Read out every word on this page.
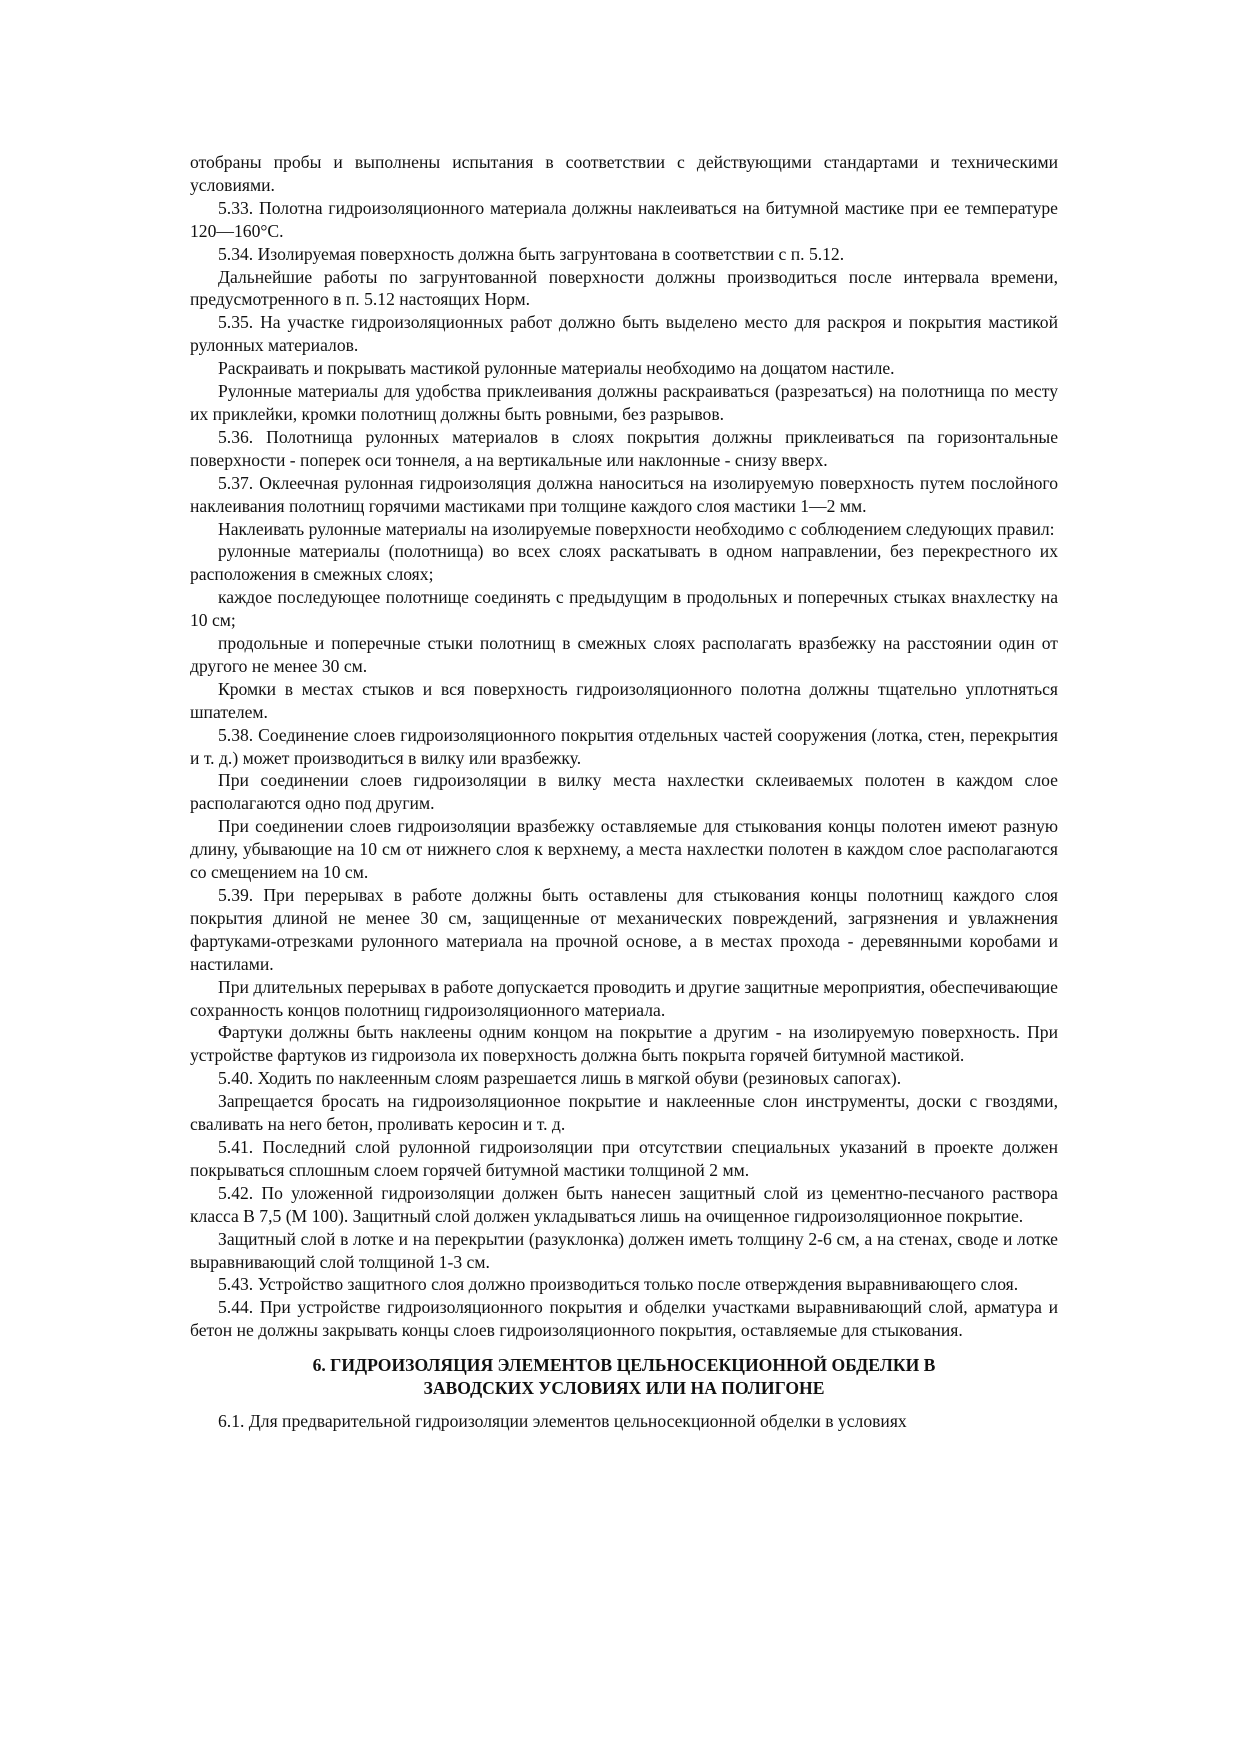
отобраны пробы и выполнены испытания в соответствии с действующими стандартами и техническими условиями.

5.33. Полотна гидроизоляционного материала должны наклеиваться на битумной мастике при ее температуре 120—160°С.

5.34. Изолируемая поверхность должна быть загрунтована в соответствии с п. 5.12.

Дальнейшие работы по загрунтованной поверхности должны производиться после интервала времени, предусмотренного в п. 5.12 настоящих Норм.

5.35. На участке гидроизоляционных работ должно быть выделено место для раскроя и покрытия мастикой рулонных материалов.

Раскраивать и покрывать мастикой рулонные материалы необходимо на дощатом настиле.

Рулонные материалы для удобства приклеивания должны раскраиваться (разрезаться) на полотнища по месту их приклейки, кромки полотнищ должны быть ровными, без разрывов.

5.36. Полотнища рулонных материалов в слоях покрытия должны приклеиваться па горизонтальные поверхности - поперек оси тоннеля, а на вертикальные или наклонные - снизу вверх.

5.37. Оклеечная рулонная гидроизоляция должна наноситься на изолируемую поверхность путем послойного наклеивания полотнищ горячими мастиками при толщине каждого слоя мастики 1—2 мм.

Наклеивать рулонные материалы на изолируемые поверхности необходимо с соблюдением следующих правил:

рулонные материалы (полотнища) во всех слоях раскатывать в одном направлении, без перекрестного их расположения в смежных слоях;

каждое последующее полотнище соединять с предыдущим в продольных и поперечных стыках внахлестку на 10 см;

продольные и поперечные стыки полотнищ в смежных слоях располагать вразбежку на расстоянии один от другого не менее 30 см.

Кромки в местах стыков и вся поверхность гидроизоляционного полотна должны тщательно уплотняться шпателем.

5.38. Соединение слоев гидроизоляционного покрытия отдельных частей сооружения (лотка, стен, перекрытия и т. д.) может производиться в вилку или вразбежку.

При соединении слоев гидроизоляции в вилку места нахлестки склеиваемых полотен в каждом слое располагаются одно под другим.

При соединении слоев гидроизоляции вразбежку оставляемые для стыкования концы полотен имеют разную длину, убывающие на 10 см от нижнего слоя к верхнему, а места нахлестки полотен в каждом слое располагаются со смещением на 10 см.

5.39. При перерывах в работе должны быть оставлены для стыкования концы полотнищ каждого слоя покрытия длиной не менее 30 см, защищенные от механических повреждений, загрязнения и увлажнения фартуками-отрезками рулонного материала на прочной основе, а в местах прохода - деревянными коробами и настилами.

При длительных перерывах в работе допускается проводить и другие защитные мероприятия, обеспечивающие сохранность концов полотнищ гидроизоляционного материала.

Фартуки должны быть наклеены одним концом на покрытие а другим - на изолируемую поверхность. При устройстве фартуков из гидроизола их поверхность должна быть покрыта горячей битумной мастикой.

5.40. Ходить по наклеенным слоям разрешается лишь в мягкой обуви (резиновых сапогах).

Запрещается бросать на гидроизоляционное покрытие и наклеенные слон инструменты, доски с гвоздями, сваливать на него бетон, проливать керосин и т. д.

5.41. Последний слой рулонной гидроизоляции при отсутствии специальных указаний в проекте должен покрываться сплошным слоем горячей битумной мастики толщиной 2 мм.

5.42. По уложенной гидроизоляции должен быть нанесен защитный слой из цементно-песчаного раствора класса В 7,5 (М 100). Защитный слой должен укладываться лишь на очищенное гидроизоляционное покрытие.

Защитный слой в лотке и на перекрытии (разуклонка) должен иметь толщину 2-6 см, а на стенах, своде и лотке выравнивающий слой толщиной 1-3 см.

5.43. Устройство защитного слоя должно производиться только после отверждения выравнивающего слоя.

5.44. При устройстве гидроизоляционного покрытия и обделки участками выравнивающий слой, арматура и бетон не должны закрывать концы слоев гидроизоляционного покрытия, оставляемые для стыкования.

6. ГИДРОИЗОЛЯЦИЯ ЭЛЕМЕНТОВ ЦЕЛЬНОСЕКЦИОННОЙ ОБДЕЛКИ В
ЗАВОДСКИХ УСЛОВИЯХ ИЛИ НА ПОЛИГОНЕ

6.1. Для предварительной гидроизоляции элементов цельносекционной обделки в условиях
